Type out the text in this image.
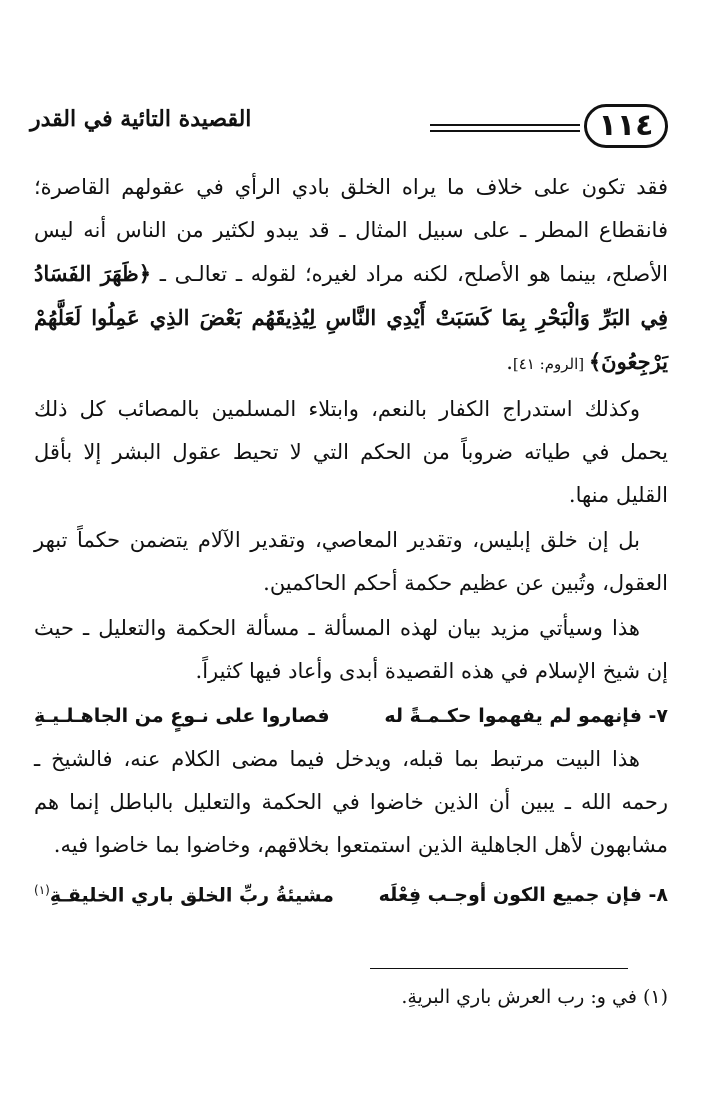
١١٤
القصيدة التائية في القدر

فقد تكون على خلاف ما يراه الخلق بادي الرأي في عقولهم القاصرة؛ فانقطاع المطر ـ على سبيل المثال ـ قد يبدو لكثير من الناس أنه ليس الأصلح، بينما هو الأصلح، لكنه مراد لغيره؛ لقوله ـ تعالـى ـ ﴿ظَهَرَ الفَسَادُ فِي البَرِّ وَالْبَحْرِ بِمَا كَسَبَتْ أَيْدِي النَّاسِ لِيُذِيقَهُم بَعْضَ الذِي عَمِلُوا لَعَلَّهُمْ يَرْجِعُونَ﴾ [الروم: ٤١].

وكذلك استدراج الكفار بالنعم، وابتلاء المسلمين بالمصائب كل ذلك يحمل في طياته ضروباً من الحكم التي لا تحيط عقول البشر إلا بأقل القليل منها.

بل إن خلق إبليس، وتقدير المعاصي، وتقدير الآلام يتضمن حكماً تبهر العقول، وتُبين عن عظيم حكمة أحكم الحاكمين.

هذا وسيأتي مزيد بيان لهذه المسألة ـ مسألة الحكمة والتعليل ـ حيث إن شيخ الإسلام في هذه القصيدة أبدى وأعاد فيها كثيراً.

٧- فإنهمو لم يفهموا حكـمـةً له
فصاروا على نـوعٍ من الجاهـلـيـةِ

هذا البيت مرتبط بما قبله، ويدخل فيما مضى الكلام عنه، فالشيخ ـ رحمه الله ـ يبين أن الذين خاضوا في الحكمة والتعليل بالباطل إنما هم مشابهون لأهل الجاهلية الذين استمتعوا بخلاقهم، وخاضوا بما خاضوا فيه.

٨- فإن جميع الكون أوجـب فِعْلَه
مشيئةُ ربِّ الخلق باري الخليقـةِ$^{(١)}$
(١) في و: رب العرش باري البريةِ.
